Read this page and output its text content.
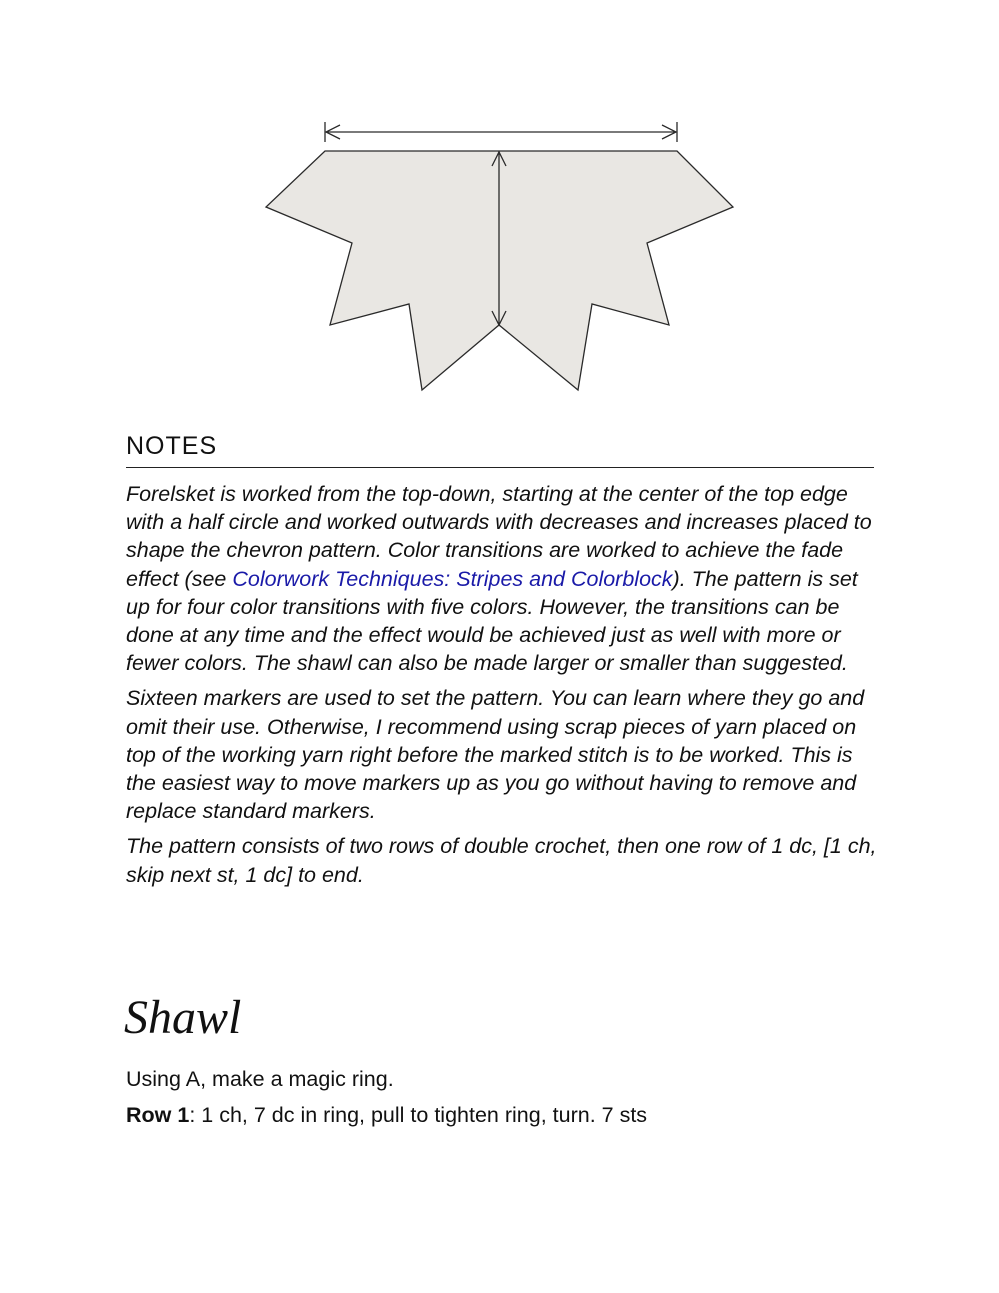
NOTES

Forelsket is worked from the top-down, starting at the center of the top edge with a half circle and worked outwards with decreases and increases placed to shape the chevron pattern. Color transitions are worked to achieve the fade effect (see Colorwork Techniques: Stripes and Colorblock). The pattern is set up for four color transitions with five colors. However, the transitions can be done at any time and the effect would be achieved just as well with more or fewer colors. The shawl can also be made larger or smaller than suggested.

Sixteen markers are used to set the pattern. You can learn where they go and omit their use. Otherwise, I recommend using scrap pieces of yarn placed on top of the working yarn right before the marked stitch is to be worked. This is the easiest way to move markers up as you go without having to remove and replace standard markers.

The pattern consists of two rows of double crochet, then one row of 1 dc, [1 ch, skip next st, 1 dc] to end.

Shawl

Using A, make a magic ring.

Row 1: 1 ch, 7 dc in ring, pull to tighten ring, turn. 7 sts
